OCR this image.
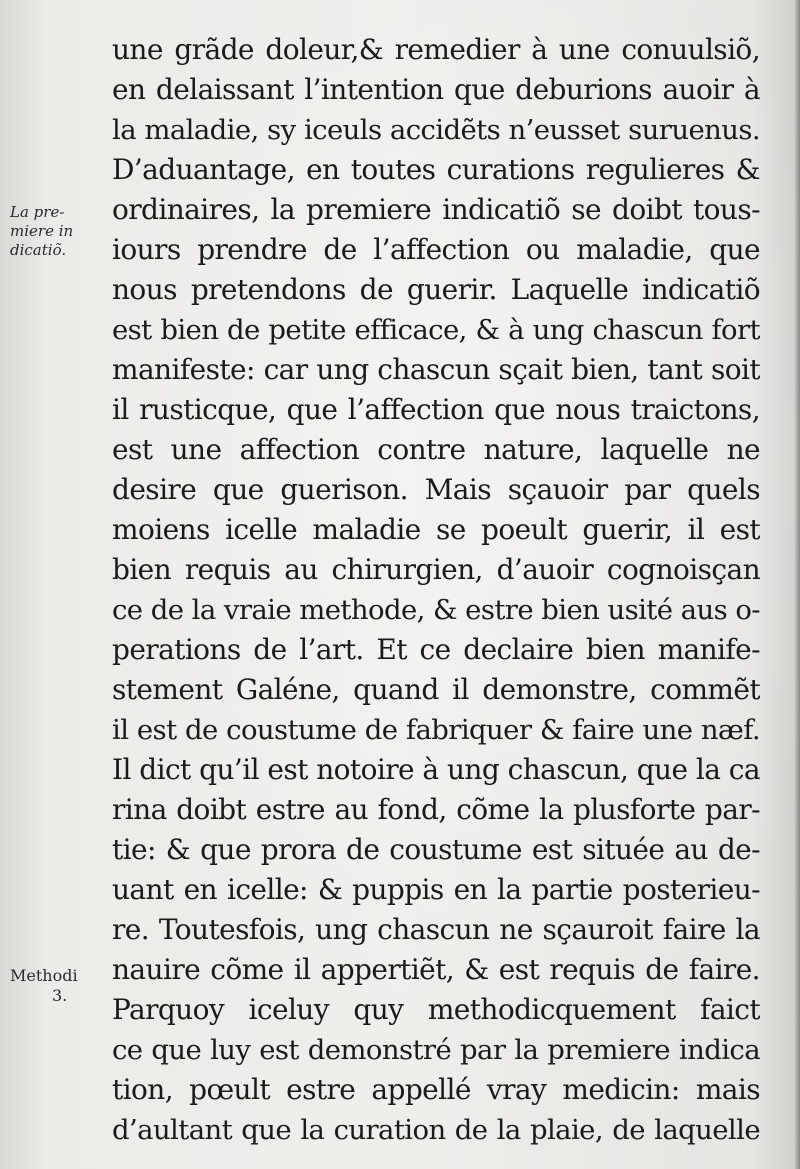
La pre-
miere in
dicatiõ.
Methodi
3.
une grãde doleur,& remedier à une conuulsiõ,
en delaissant l’intention que deburions auoir à
la maladie, sy iceuls accidẽts n’eusset suruenus.
D’aduantage, en toutes curations regulieres &
ordinaires, la premiere indicatiõ se doibt tous-
iours prendre de l’affection ou maladie, que
nous pretendons de guerir. Laquelle indicatiõ
est bien de petite efficace, & à ung chascun fort
manifeste: car ung chascun sçait bien, tant soit
il rusticque, que l’affection que nous traictons,
est une affection contre nature, laquelle ne
desire que guerison. Mais sçauoir par quels
moiens icelle maladie se poeult guerir, il est
bien requis au chirurgien, d’auoir cognoisçan
ce de la vraie methode, & estre bien usité aus o-
perations de l’art. Et ce declaire bien manife-
stement Galéne, quand il demonstre, commẽt
il est de coustume de fabriquer & faire une næf.
Il dict qu’il est notoire à ung chascun, que la ca
rina doibt estre au fond, cõme la plusforte par-
tie: & que prora de coustume est située au de-
uant en icelle: & puppis en la partie posterieu-
re. Toutesfois, ung chascun ne sçauroit faire la
nauire cõme il appertiẽt, & est requis de faire.
Parquoy iceluy quy methodicquement faict
ce que luy est demonstré par la premiere indica
tion, pœult estre appellé vray medicin: mais
d’aultant que la curation de la plaie, de laquelle
